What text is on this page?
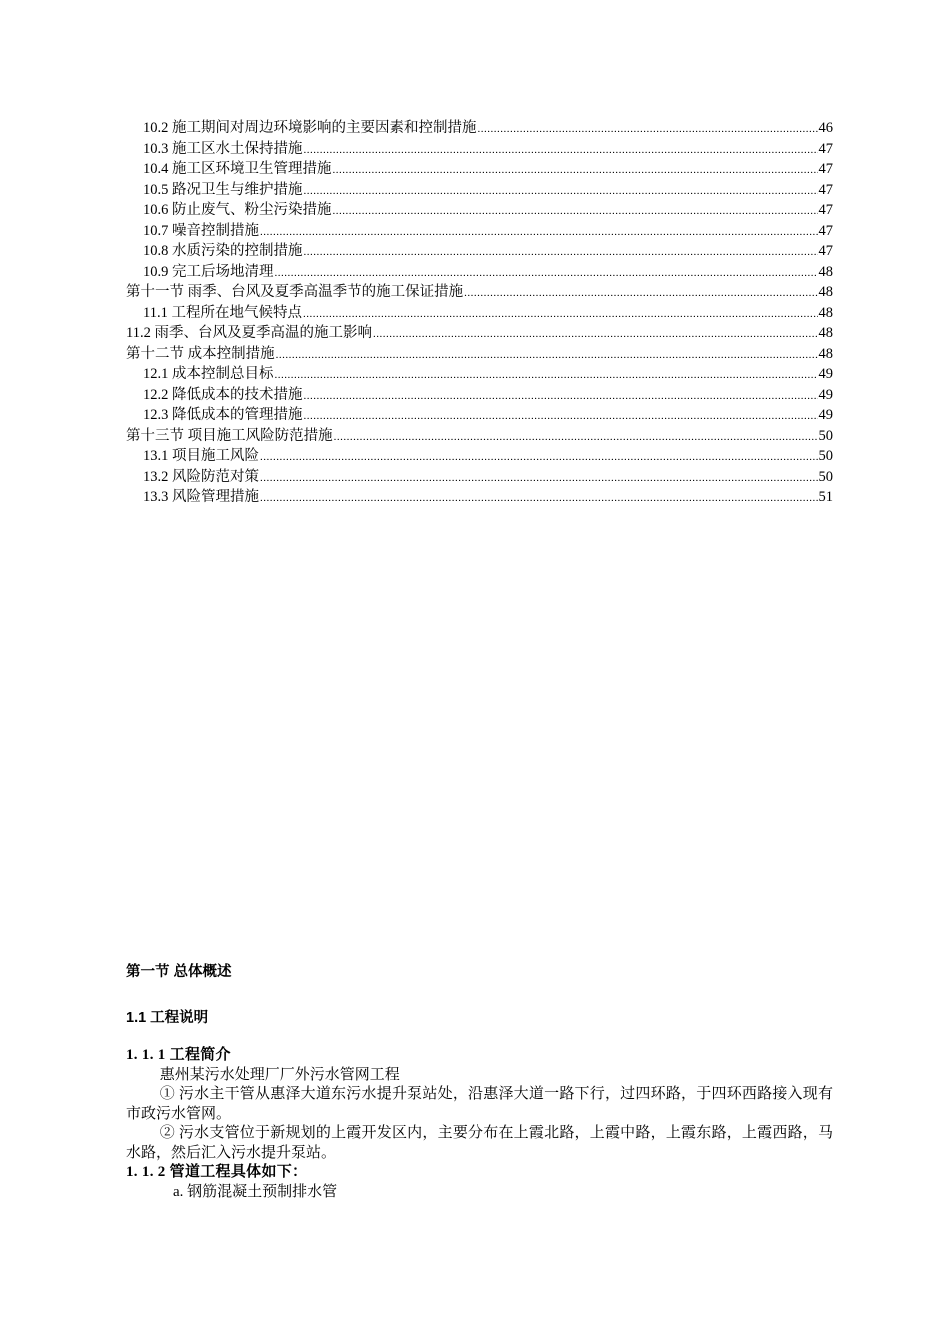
10.2 施工期间对周边环境影响的主要因素和控制措施 .....	46
10.3 施工区水土保持措施 .....	47
10.4 施工区环境卫生管理措施 .....	47
10.5 路况卫生与维护措施 .....	47
10.6 防止废气、粉尘污染措施 .....	47
10.7 噪音控制措施 .....	47
10.8 水质污染的控制措施 .....	47
10.9 完工后场地清理 .....	48
第十一节 雨季、台风及夏季高温季节的施工保证措施 .....	48
11.1 工程所在地气候特点 .....	48
11.2 雨季、台风及夏季高温的施工影响 .....	48
第十二节 成本控制措施 .....	48
12.1 成本控制总目标 .....	49
12.2 降低成本的技术措施 .....	49
12.3 降低成本的管理措施 .....	49
第十三节 项目施工风险防范措施 .....	50
13.1 项目施工风险 .....	50
13.2 风险防范对策 .....	50
13.3 风险管理措施 .....	51
第一节 总体概述
1.1 工程说明
1. 1. 1 工程简介
惠州某污水处理厂厂外污水管网工程
① 污水主干管从惠泽大道东污水提升泵站处，沿惠泽大道一路下行，过四环路，于四环西路接入现有市政污水管网。
② 污水支管位于新规划的上霞开发区内，主要分布在上霞北路，上霞中路，上霞东路，上霞西路，马水路，然后汇入污水提升泵站。
1. 1. 2 管道工程具体如下：
a. 钢筋混凝土预制排水管
